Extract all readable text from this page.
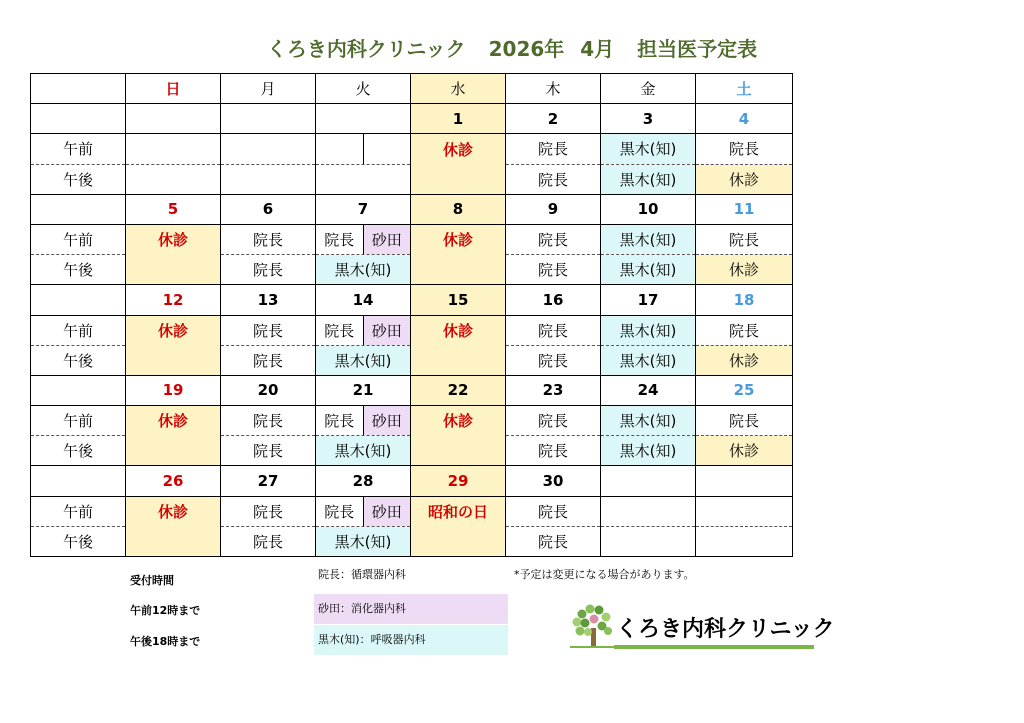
くろき内科クリニック 2026年 4月 担当医予定表
	日	月	火	水	木	金	土
				1	2	3	4
午前				休診	院長	黒木(知)	院長
午後					院長	黒木(知)	休診
	5	6	7	8	9	10	11
午前	休診	院長	院長 砂田	休診	院長	黒木(知)	院長
午後		院長	黒木(知)		院長	黒木(知)	休診
	12	13	14	15	16	17	18
午前	休診	院長	院長 砂田	休診	院長	黒木(知)	院長
午後		院長	黒木(知)		院長	黒木(知)	休診
	19	20	21	22	23	24	25
午前	休診	院長	院長 砂田	休診	院長	黒木(知)	院長
午後		院長	黒木(知)		院長	黒木(知)	休診
	26	27	28	29	30		
午前	休診	院長	院長 砂田	昭和の日	院長		
午後		院長	黒木(知)		院長		
受付時間
午前12時まで
午後18時まで
院長：循環器内科
砂田：消化器内科
黒木(知)：呼吸器内科
*予定は変更になる場合があります。
くろき内科クリニック
